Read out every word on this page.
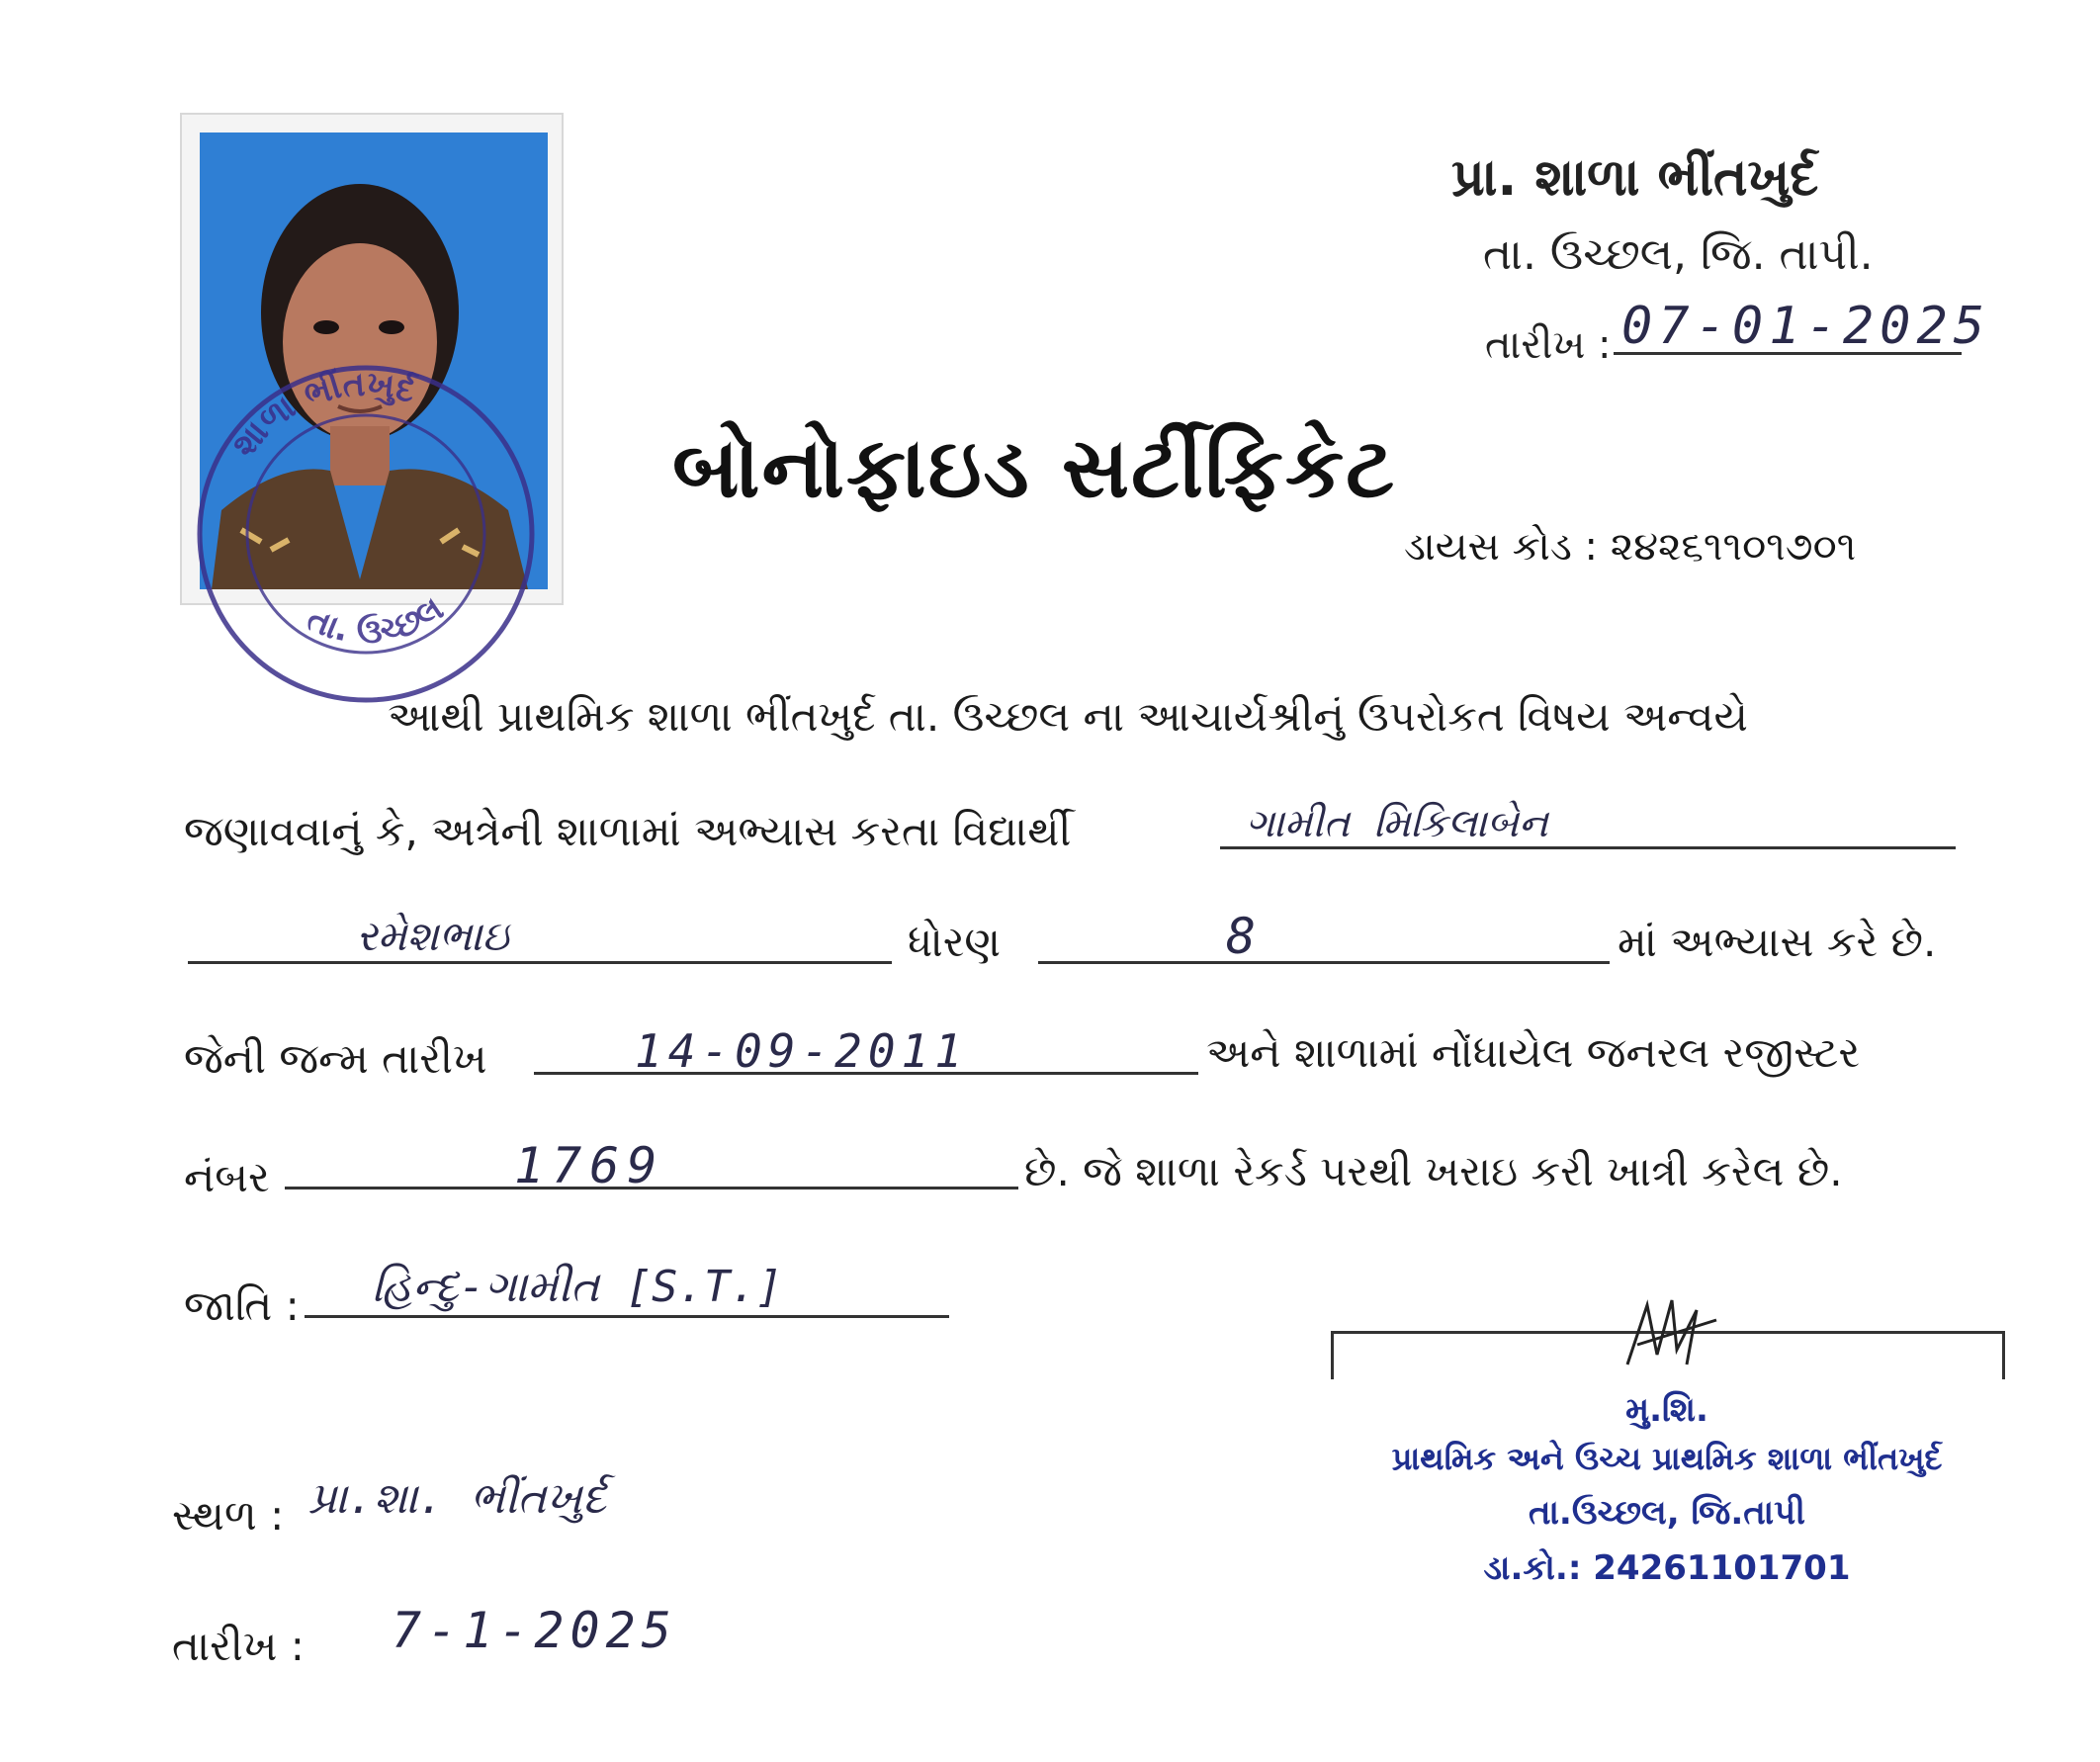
શાળા ભીંતખુર્દ
તા. ઉચ્છલ
પ્રા. શાળા ભીંતખુર્દ
તા. ઉચ્છલ, જિ. તાપી.
તારીખ : 07-01-2025
બોનોફાઇડ સર્ટીફિકેટ
ડાયસ કોડ : ૨૪૨૬૧૧૦૧૭૦૧
આથી પ્રાથમિક શાળા ભીંતખુર્દ તા. ઉચ્છલ ના આચાર્યશ્રીનું ઉપરોકત વિષય અન્વયે
જણાવવાનું કે, અત્રેની શાળામાં અભ્યાસ કરતા વિદ્યાર્થી	ગામીત મિકિલાબેન
રમેશભાઇ	ધોરણ	8	માં અભ્યાસ કરે છે.
જેની જન્મ તારીખ	14-09-2011	અને શાળામાં નોંધાયેલ જનરલ રજીસ્ટર
નંબર	1769	છે. જે શાળા રેકર્ડ પરથી ખરાઇ કરી ખાત્રી કરેલ છે.
જાતિ : હિન્દુ-ગામીત [S.T.]
સ્થળ : પ્રા.શા. ભીંતખુર્દ
તારીખ : 7-1-2025
મુ.શિ.
પ્રાથમિક અને ઉચ્ચ પ્રાથમિક શાળા ભીંતખુર્દ
તા.ઉચ્છલ, જિ.તાપી
ડા.કો.: 24261101701
